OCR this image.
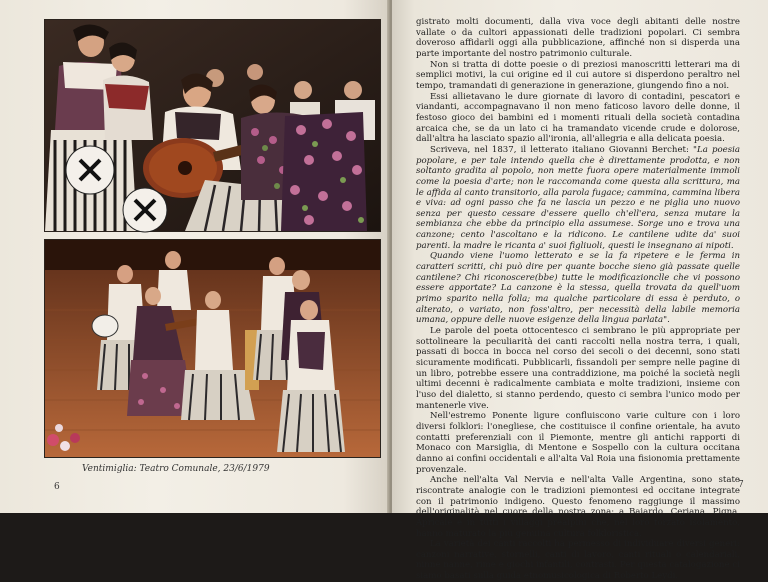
Ventimiglia: Teatro Comunale, 23/6/1979
6

gistrato molti documenti, dalla viva voce degli abitanti delle nostre vallate o da cultori appassionati delle tradizioni popolari. Ci sembra doveroso affidarli oggi alla pubblicazione, affinché non si disperda una parte importante del nostro patrimonio culturale.

Non si tratta di dotte poesie o di preziosi manoscritti letterari ma di semplici motivi, la cui origine ed il cui autore si disperdono peraltro nel tempo, tramandati di generazione in generazione, giungendo fino a noi.

Essi allietavano le dure giornate di lavoro di contadini, pescatori e viandanti, accompagnavano il non meno faticoso lavoro delle donne, il festoso gioco dei bambini ed i momenti rituali della società contadina arcaica che, se da un lato ci ha tramandato vicende crude e dolorose, dall'altra ha lasciato spazio all'ironia, all'allegria e alla delicata poesia.

Scriveva, nel 1837, il letterato italiano Giovanni Berchet: "La poesia popolare, e per tale intendo quella che è direttamente prodotta, e non soltanto gradita al popolo, non mette fuora opere materialmente immoli come la poesia d'arte; non le raccomanda come questa alla scrittura, ma le affida al canto transitorio, alla parola fugace; cammina, cammina libera e viva: ad ogni passo che fa ne lascia un pezzo e ne piglia uno nuovo senza per questo cessare d'essere quello ch'ell'era, senza mutare la sembianza che ebbe da principio ella assumese. Sorge uno e trova una canzone; cento l'ascoltano e la ridicono. Le cantilene udite da' suoi parenti. la madre le ricanta a' suoi figliuoli, questi le insegnano ai nipoti.

Quando viene l'uomo letterato e se la fa ripetere e le ferma in caratteri scritti, chi può dire per quante bocche sieno già passate quelle cantilene? Chi riconoscere(bbe) tutte le modificazionclle che vi possono essere apportate? La canzone è la stessa, quella trovata da quell'uom primo sparito nella folla; ma qualche particolare di essa è perduto, o alterato, o variato, non foss'altro, per necessità della labile memoria umana, oppure delle nuove esigenze della lingua parlata".

Le parole del poeta ottocentesco ci sembrano le più appropriate per sottolineare la peculiarità dei canti raccolti nella nostra terra, i quali, passati di bocca in bocca nel corso dei secoli o dei decenni, sono stati sicuramente modificati. Pubblicarli, fissandoli per sempre nelle pagine di un libro, potrebbe essere una contraddizione, ma poiché la società negli ultimi decenni è radicalmente cambiata e molte tradizioni, insieme con l'uso del dialetto, si stanno perdendo, questo ci sembra l'unico modo per mantenerle vive.

Nell'estremo Ponente ligure confluiscono varie culture con i loro diversi folklori: l'onegliese, che costituisce il confine orientale, ha avuto contatti preferenziali con il Piemonte, mentre gli antichi rapporti di Monaco con Marsiglia, di Mentone e Sospello con la cultura occitana danno ai confini occidentali e all'alta Val Roia una fisionomia prettamente provenzale.

Anche nell'alta Val Nervia e nell'alta Valle Argentina, sono state riscontrate analogie con le tradizioni piemontesi ed occitane integrate con il patrimonio indigeno. Questo fenomeno raggiunge il massimo dell'originalità nel cuore della nostra zona: a Baiardo, Ceriana, Pigna, Apricale e in tutti i villaggi prealpini che, nel loro forzato isolamento, hanno maturato la più genuina cultura folkloristica.

La varietà dei canti raccolti ha permesso di individuare diversi generi: canzoni narrative, stornelli, canti di lavoro, canti rituali o calendariali, ninne nanne, rime e giochi infantili, contrasti. Per questa catalogazione ci siamo basati sulla guida etnomusicologica di Roberto Leydi.

7
